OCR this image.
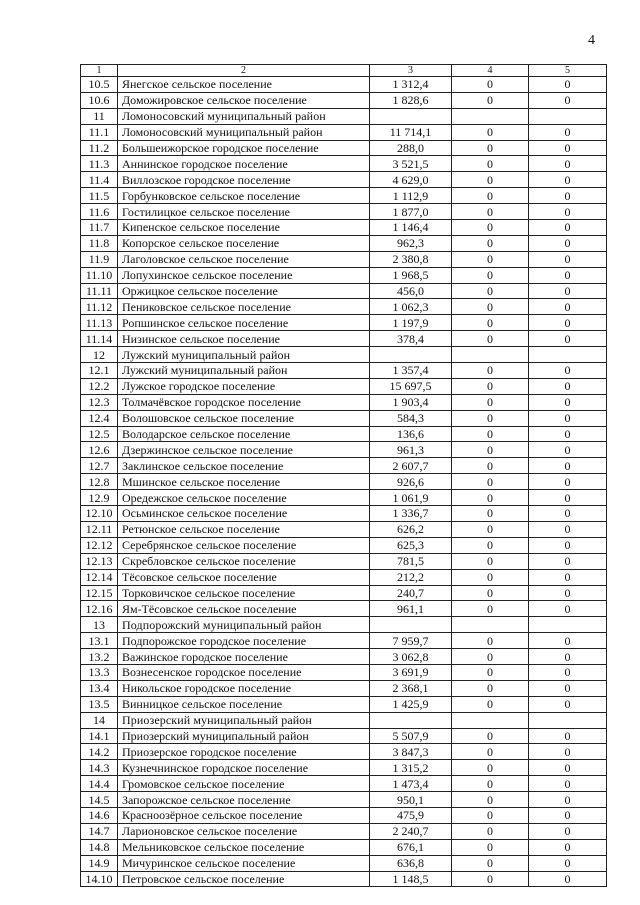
4
1	2	3	4	5
10.5	Янегское сельское поселение	1 312,4	0	0
10.6	Доможировское сельское поселение	1 828,6	0	0
11	Ломоносовский муниципальный район			
11.1	Ломоносовский муниципальный район	11 714,1	0	0
11.2	Большеижорское городское поселение	288,0	0	0
11.3	Аннинское городское поселение	3 521,5	0	0
11.4	Виллозское городское поселение	4 629,0	0	0
11.5	Горбунковское сельское поселение	1 112,9	0	0
11.6	Гостилицкое сельское поселение	1 877,0	0	0
11.7	Кипенское сельское поселение	1 146,4	0	0
11.8	Копорское сельское поселение	962,3	0	0
11.9	Лаголовское сельское поселение	2 380,8	0	0
11.10	Лопухинское сельское поселение	1 968,5	0	0
11.11	Оржицкое сельское поселение	456,0	0	0
11.12	Пениковское сельское поселение	1 062,3	0	0
11.13	Ропшинское сельское поселение	1 197,9	0	0
11.14	Низинское сельское поселение	378,4	0	0
12	Лужский муниципальный район			
12.1	Лужский муниципальный район	1 357,4	0	0
12.2	Лужское городское поселение	15 697,5	0	0
12.3	Толмачёвское городское поселение	1 903,4	0	0
12.4	Волошовское сельское поселение	584,3	0	0
12.5	Володарское сельское поселение	136,6	0	0
12.6	Дзержинское сельское поселение	961,3	0	0
12.7	Заклинское сельское поселение	2 607,7	0	0
12.8	Мшинское сельское поселение	926,6	0	0
12.9	Оредежское сельское поселение	1 061,9	0	0
12.10	Осьминское сельское поселение	1 336,7	0	0
12.11	Ретюнское сельское поселение	626,2	0	0
12.12	Серебрянское сельское поселение	625,3	0	0
12.13	Скребловское сельское поселение	781,5	0	0
12.14	Тёсовское сельское поселение	212,2	0	0
12.15	Торковичское сельское поселение	240,7	0	0
12.16	Ям-Тёсовское сельское поселение	961,1	0	0
13	Подпорожский муниципальный район			
13.1	Подпорожское городское поселение	7 959,7	0	0
13.2	Важинское городское поселение	3 062,8	0	0
13.3	Вознесенское городское поселение	3 691,9	0	0
13.4	Никольское городское поселение	2 368,1	0	0
13.5	Винницкое сельское поселение	1 425,9	0	0
14	Приозерский муниципальный район			
14.1	Приозерский муниципальный район	5 507,9	0	0
14.2	Приозерское городское поселение	3 847,3	0	0
14.3	Кузнечнинское городское поселение	1 315,2	0	0
14.4	Громовское сельское поселение	1 473,4	0	0
14.5	Запорожское сельское поселение	950,1	0	0
14.6	Красноозёрное сельское поселение	475,9	0	0
14.7	Ларионовское сельское поселение	2 240,7	0	0
14.8	Мельниковское сельское поселение	676,1	0	0
14.9	Мичуринское сельское поселение	636,8	0	0
14.10	Петровское сельское поселение	1 148,5	0	0
